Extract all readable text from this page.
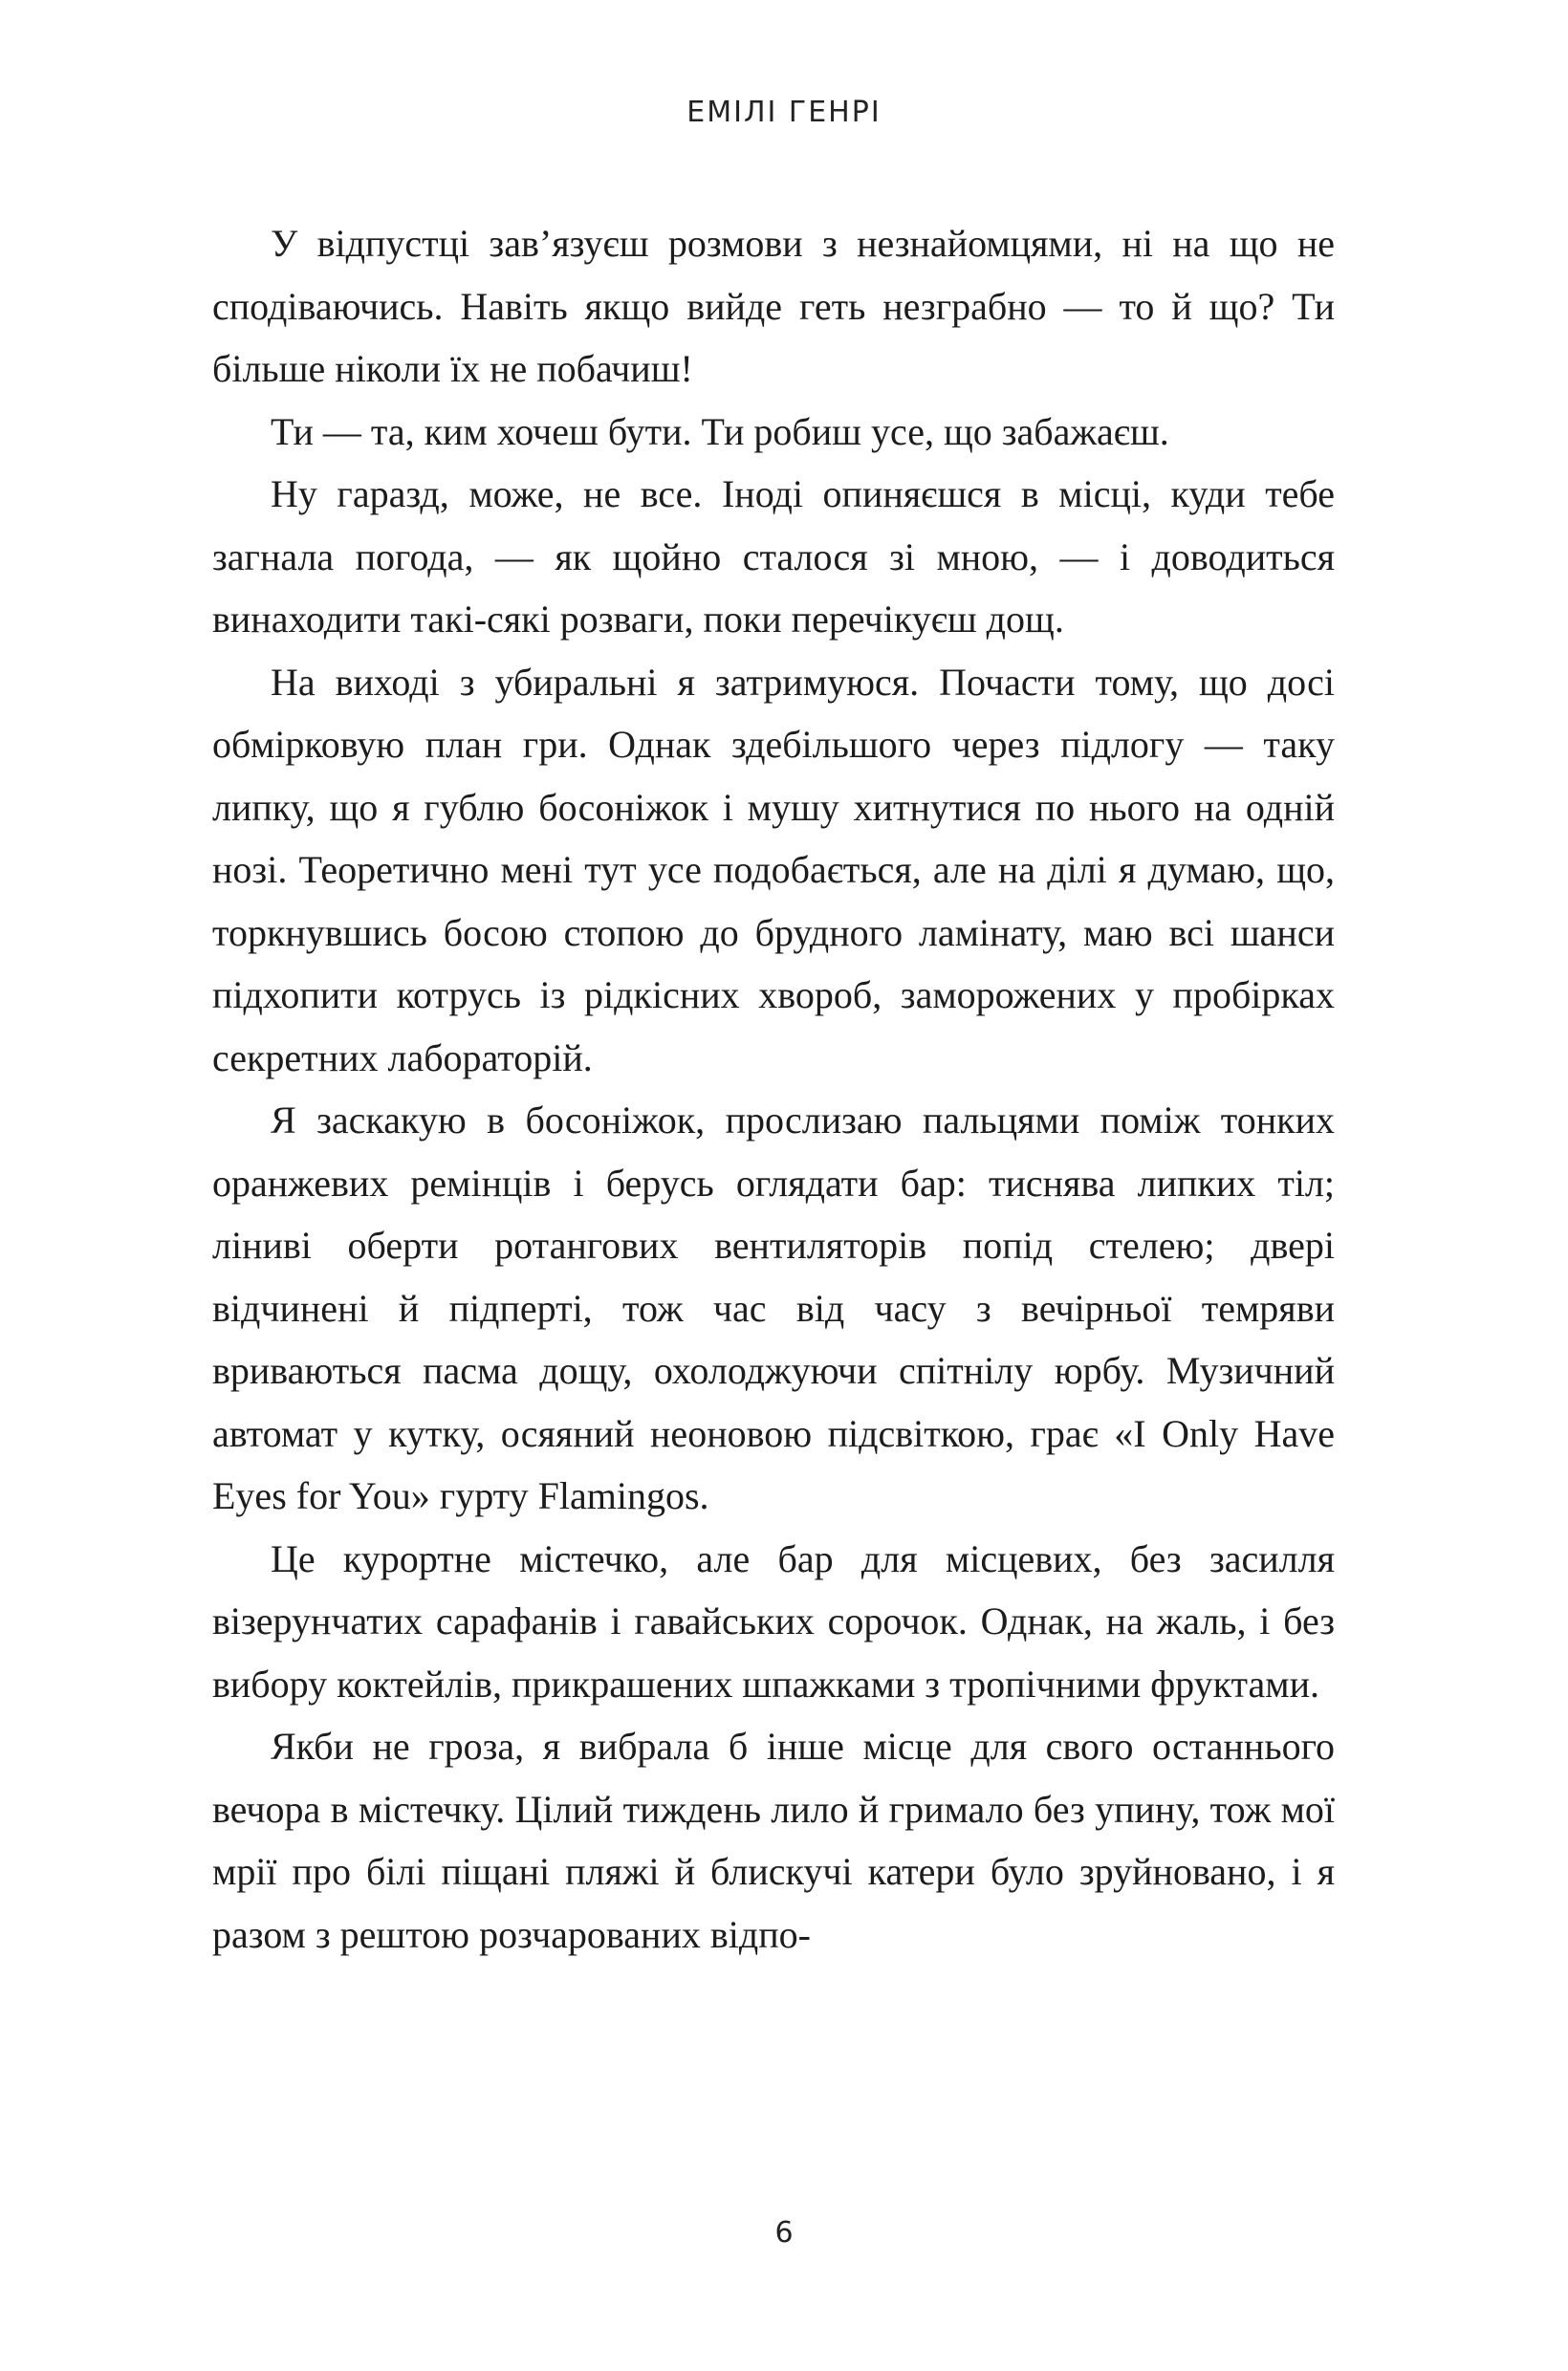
ЕМІЛІ ГЕНРІ

У відпустці зав’язуєш розмови з незнайомцями, ні на що не сподіваючись. Навіть якщо вийде геть незграбно — то й що? Ти більше ніколи їх не побачиш!

Ти — та, ким хочеш бути. Ти робиш усе, що забажаєш.

Ну гаразд, може, не все. Іноді опиняєшся в місці, куди тебе загнала погода, — як щойно сталося зі мною, — і доводиться винаходити такі-сякі розваги, поки перечікуєш дощ.

На виході з убиральні я затримуюся. Почасти тому, що досі обмірковую план гри. Однак здебільшого через підлогу — таку липку, що я гублю босоніжок і мушу хитнутися по нього на одній нозі. Теоретично мені тут усе подобається, але на ділі я думаю, що, торкнувшись босою стопою до брудного ламінату, маю всі шанси підхопити котрусь із рідкісних хвороб, заморожених у пробірках секретних лабораторій.

Я заскакую в босоніжок, прослизаю пальцями поміж тонких оранжевих ремінців і берусь оглядати бар: тиснява липких тіл; ліниві оберти ротангових вентиляторів попід стелею; двері відчинені й підперті, тож час від часу з вечірньої темряви вриваються пасма дощу, охолоджуючи спітнілу юрбу. Музичний автомат у кутку, осяяний неоновою підсвіткою, грає «I Only Have Eyes for You» гурту Flamingos.

Це курортне містечко, але бар для місцевих, без засилля візерунчатих сарафанів і гавайських сорочок. Однак, на жаль, і без вибору коктейлів, прикрашених шпажками з тропічними фруктами.

Якби не гроза, я вибрала б інше місце для свого останнього вечора в містечку. Цілий тиждень лило й гримало без упину, тож мої мрії про білі піщані пляжі й блискучі катери було зруйновано, і я разом з рештою розчарованих відпо-

6
